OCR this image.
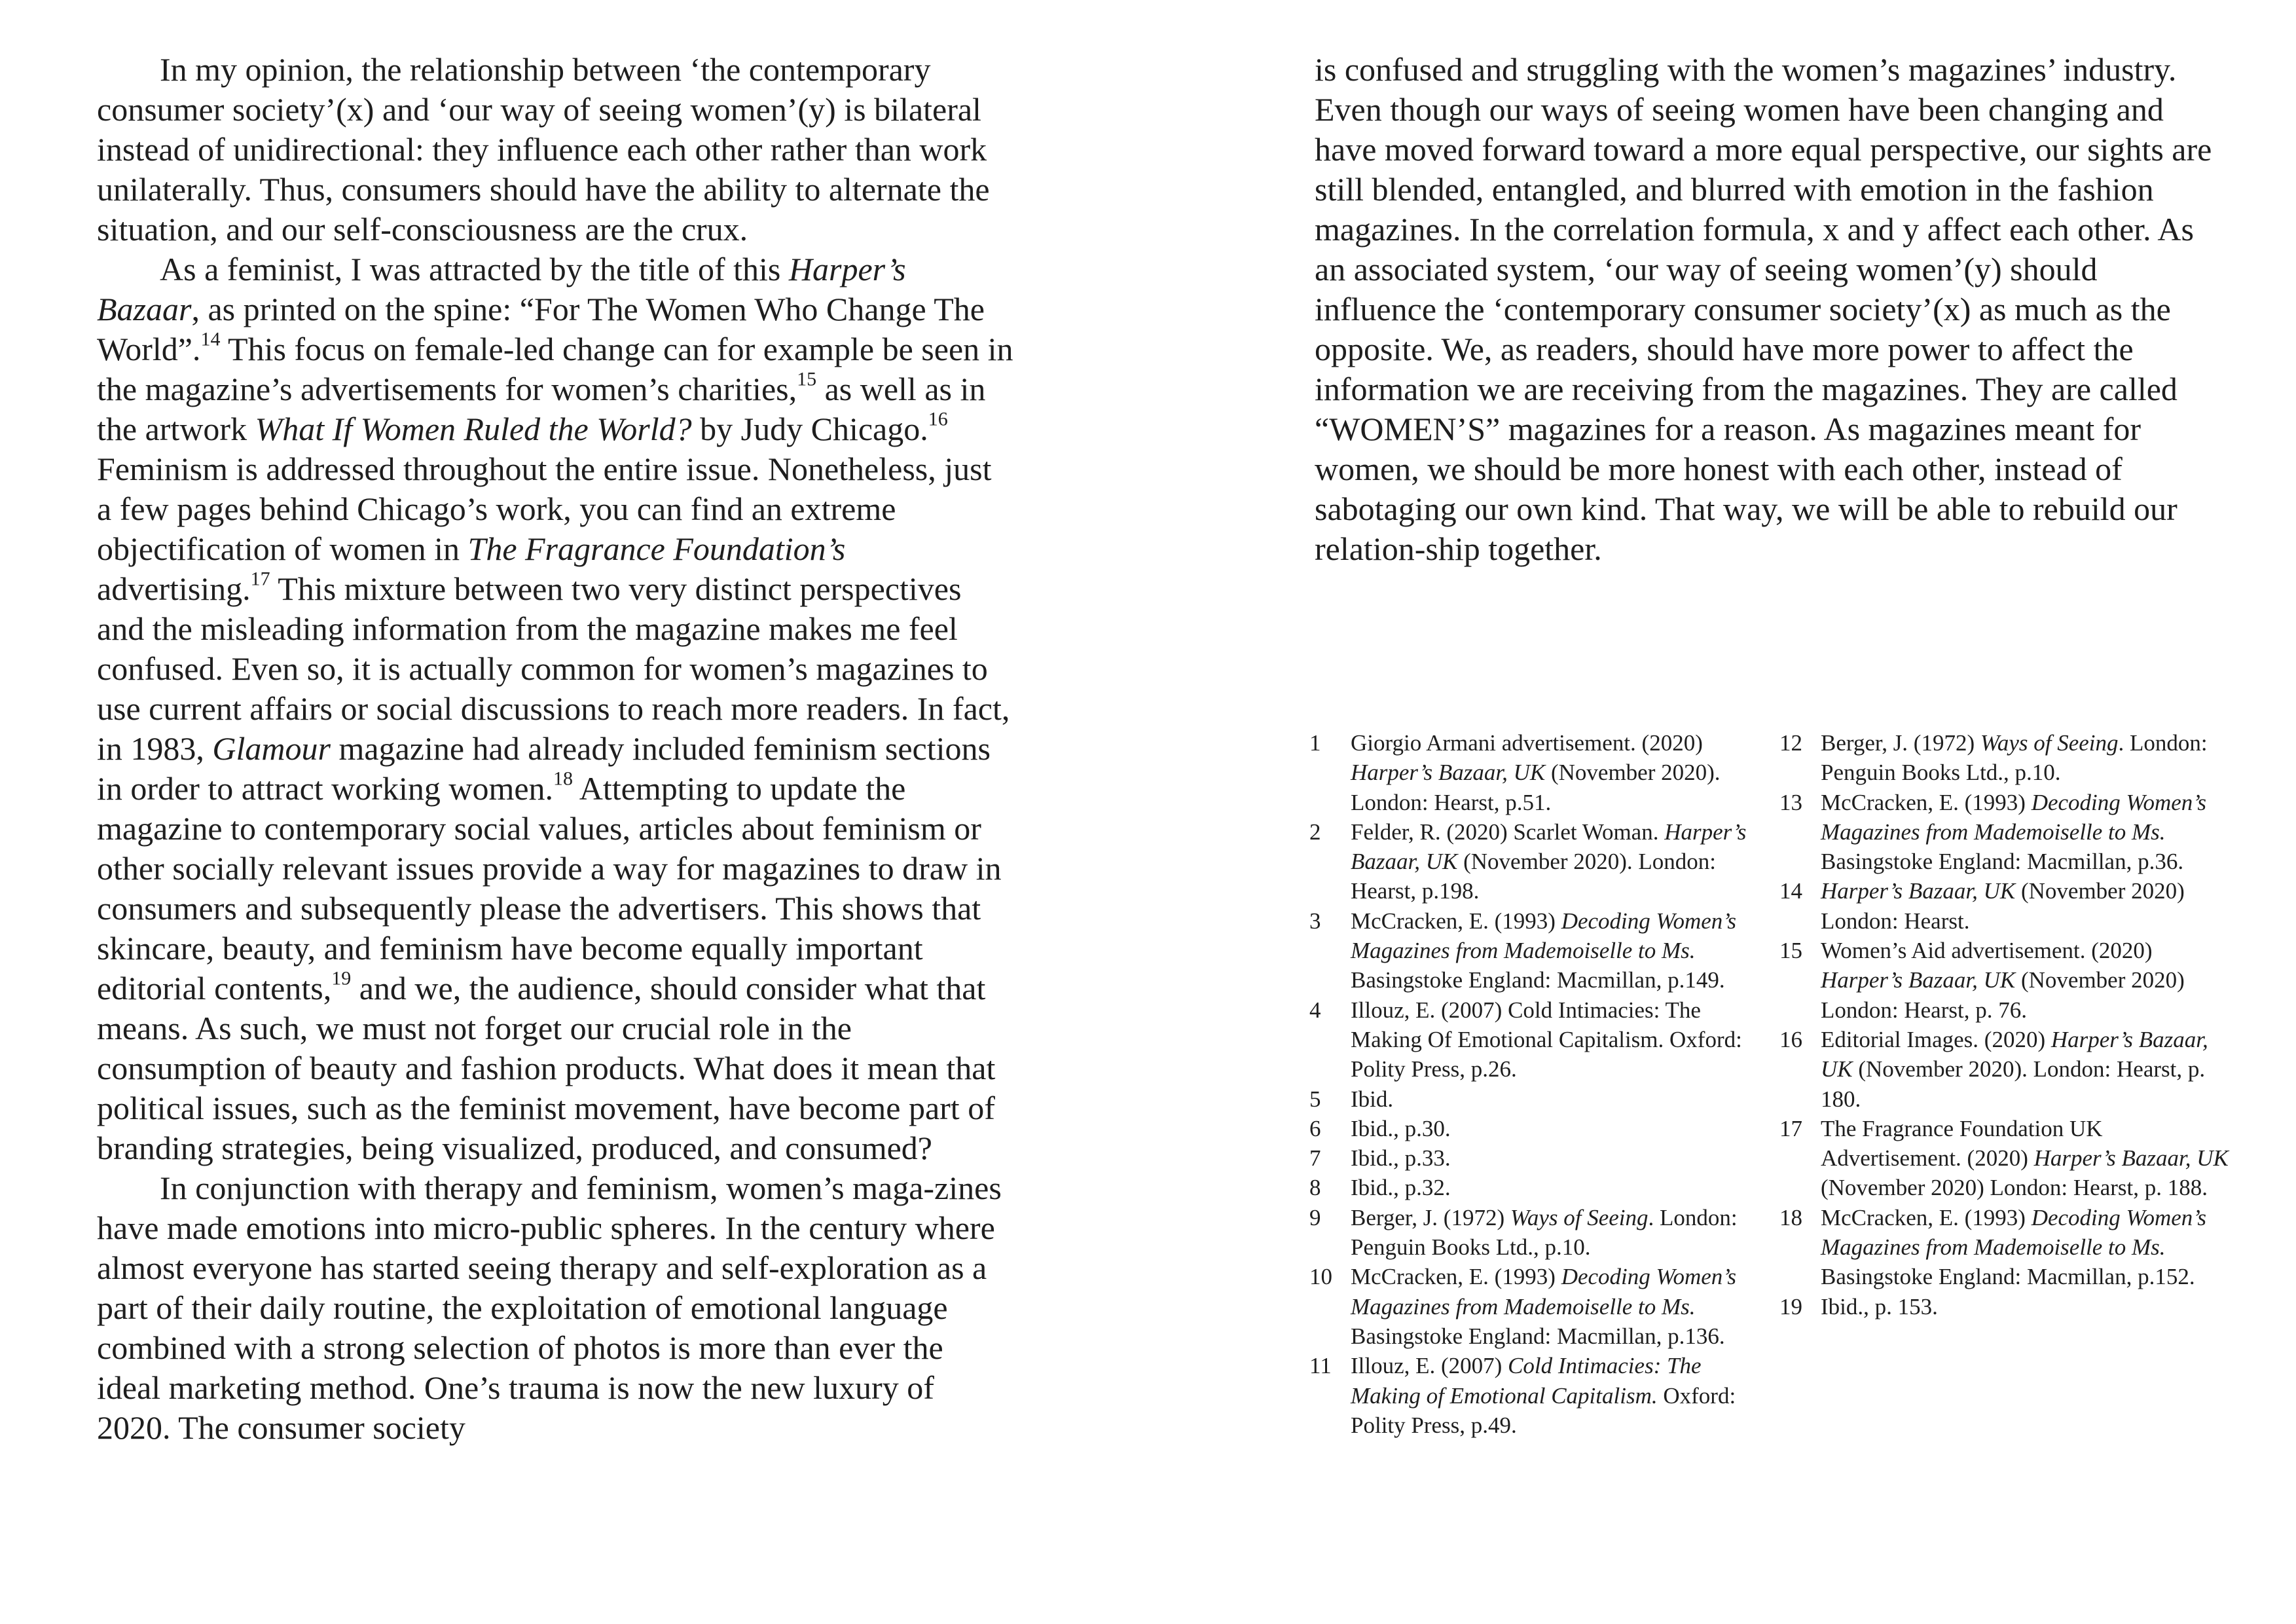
In my opinion, the relationship between ‘the contemporary consumer society’(x) and ‘our way of seeing women’(y) is bilateral instead of unidirectional: they influence each other rather than work unilaterally. Thus, consumers should have the ability to alternate the situation, and our self-consciousness are the crux.

As a feminist, I was attracted by the title of this Harper’s Bazaar, as printed on the spine: “For The Women Who Change The World”.$^{14}$ This focus on female-led change can for example be seen in the magazine’s advertisements for women’s charities,$^{15}$ as well as in the artwork What If Women Ruled the World? by Judy Chicago.$^{16}$ Feminism is addressed throughout the entire issue. Nonetheless, just a few pages behind Chicago’s work, you can find an extreme objectification of women in The Fragrance Foundation’s advertising.$^{17}$ This mixture between two very distinct perspectives and the misleading information from the magazine makes me feel confused. Even so, it is actually common for women’s magazines to use current affairs or social discussions to reach more readers. In fact, in 1983, Glamour magazine had already included feminism sections in order to attract working women.$^{18}$ Attempting to update the magazine to contemporary social values, articles about feminism or other socially relevant issues provide a way for magazines to draw in consumers and subsequently please the advertisers. This shows that skincare, beauty, and feminism have become equally important editorial contents,$^{19}$ and we, the audience, should consider what that means. As such, we must not forget our crucial role in the consumption of beauty and fashion products. What does it mean that political issues, such as the feminist movement, have become part of branding strategies, being visualized, produced, and consumed?

In conjunction with therapy and feminism, women’s maga-zines have made emotions into micro-public spheres. In the century where almost everyone has started seeing therapy and self-exploration as a part of their daily routine, the exploitation of emotional language combined with a strong selection of photos is more than ever the ideal marketing method. One’s trauma is now the new luxury of 2020. The consumer society

is confused and struggling with the women’s magazines’ industry. Even though our ways of seeing women have been changing and have moved forward toward a more equal perspective, our sights are still blended, entangled, and blurred with emotion in the fashion magazines. In the correlation formula, x and y affect each other. As an associated system, ‘our way of seeing women’(y) should influence the ‘contemporary consumer society’(x) as much as the opposite. We, as readers, should have more power to affect the information we are receiving from the magazines. They are called “WOMEN’S” magazines for a reason. As magazines meant for women, we should be more honest with each other, instead of sabotaging our own kind. That way, we will be able to rebuild our relation-ship together.

1	Giorgio Armani advertisement. (2020) Harper’s Bazaar, UK (November 2020). London: Hearst, p.51.
2	Felder, R. (2020) Scarlet Woman. Harper’s Bazaar, UK (November 2020). London: Hearst, p.198.
3	McCracken, E. (1993) Decoding Women’s Magazines from Mademoiselle to Ms. Basingstoke England: Macmillan, p.149.
4	Illouz, E. (2007) Cold Intimacies: The Making Of Emotional Capitalism. Oxford: Polity Press, p.26.
5	Ibid.
6	Ibid., p.30.
7	Ibid., p.33.
8	Ibid., p.32.
9	Berger, J. (1972) Ways of Seeing. London: Penguin Books Ltd., p.10.
10 McCracken, E. (1993) Decoding Women’s Magazines from Mademoiselle to Ms. Basingstoke England: Macmillan, p.136.
11 Illouz, E. (2007) Cold Intimacies: The Making of Emotional Capitalism. Oxford: Polity Press, p.49.
12 Berger, J. (1972) Ways of Seeing. London: Penguin Books Ltd., p.10.
13 McCracken, E. (1993) Decoding Women’s Magazines from Mademoiselle to Ms. Basingstoke England: Macmillan, p.36.
14 Harper’s Bazaar, UK (November 2020) London: Hearst.
15 Women’s Aid advertisement. (2020) Harper’s Bazaar, UK (November 2020) London: Hearst, p. 76.
16 Editorial Images. (2020) Harper’s Bazaar, UK (November 2020). London: Hearst, p. 180.
17 The Fragrance Foundation UK Advertisement. (2020) Harper’s Bazaar, UK (November 2020) London: Hearst, p. 188.
18 McCracken, E. (1993) Decoding Women’s Magazines from Mademoiselle to Ms. Basingstoke England: Macmillan, p.152.
19 Ibid., p. 153.
